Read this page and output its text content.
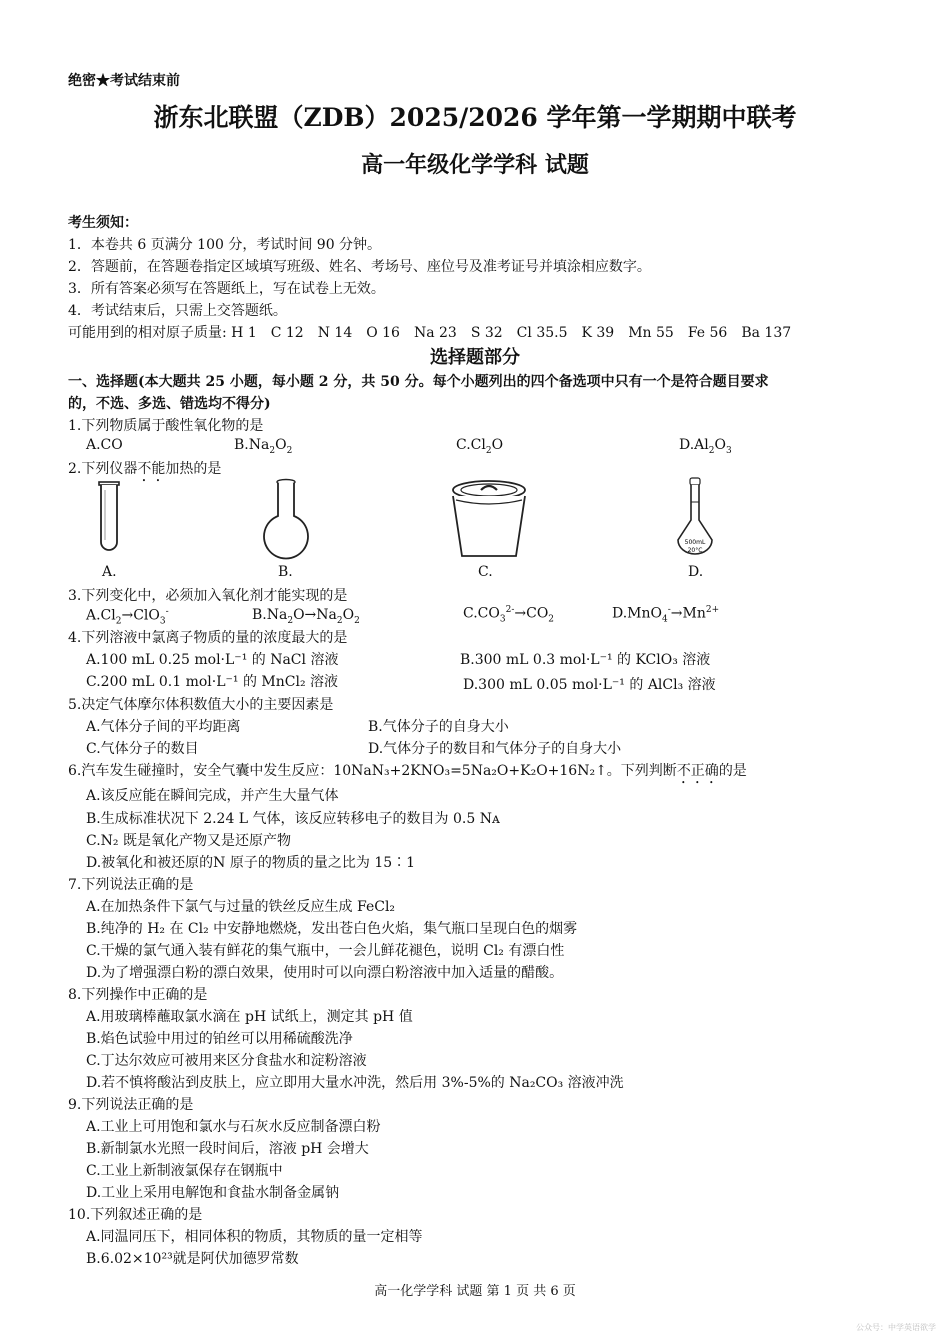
绝密★考试结束前
浙东北联盟（ZDB）2025/2026 学年第一学期期中联考
高一年级化学学科 试题
考生须知：
1．本卷共 6 页满分 100 分，考试时间 90 分钟。
2．答题前，在答题卷指定区域填写班级、姓名、考场号、座位号及准考证号并填涂相应数字。
3．所有答案必须写在答题纸上，写在试卷上无效。
4．考试结束后，只需上交答题纸。
可能用到的相对原子质量: H 1　C 12　N 14　O 16　Na 23　S 32　Cl 35.5　K 39　Mn 55　Fe 56　Ba 137
选择题部分
一、选择题(本大题共 25 小题，每小题 2 分，共 50 分。每个小题列出的四个备选项中只有一个是符合题目要求
的，不选、多选、错选均不得分)
1.下列物质属于酸性氧化物的是
A.CO	$B.Na_2O_2$	$C.Cl_2O$	$D.Al_2O_3$
2.下列仪器不能加热的是
500mL
20°C
A.	B.	C.	D.
3.下列变化中，必须加入氧化剂才能实现的是
$A.Cl_2\to ClO_3^-$	$B.Na_2O\to Na_2O_2$	$C.CO_3^{2-}\to CO_2$	$D.MnO_4^-\to Mn^{2+}$
4.下列溶液中氯离子物质的量的浓度最大的是
A.100 mL 0.25 mol·L⁻¹ 的 NaCl 溶液	B.300 mL 0.3 mol·L⁻¹ 的 KClO₃ 溶液
C.200 mL 0.1 mol·L⁻¹ 的 MnCl₂ 溶液	D.300 mL 0.05 mol·L⁻¹ 的 AlCl₃ 溶液
5.决定气体摩尔体积数值大小的主要因素是
A.气体分子间的平均距离	B.气体分子的自身大小
C.气体分子的数目	D.气体分子的数目和气体分子的自身大小
6.汽车发生碰撞时，安全气囊中发生反应：10NaN₃+2KNO₃=5Na₂O+K₂O+16N₂↑。下列判断不正确的是
A.该反应能在瞬间完成，并产生大量气体
B.生成标准状况下 2.24 L 气体，该反应转移电子的数目为 0.5 Nᴀ
C.N₂ 既是氧化产物又是还原产物
D.被氧化和被还原的N 原子的物质的量之比为 15∶1
7.下列说法正确的是
A.在加热条件下氯气与过量的铁丝反应生成 FeCl₂
B.纯净的 H₂ 在 Cl₂ 中安静地燃烧，发出苍白色火焰，集气瓶口呈现白色的烟雾
C.干燥的氯气通入装有鲜花的集气瓶中，一会儿鲜花褪色，说明 Cl₂ 有漂白性
D.为了增强漂白粉的漂白效果，使用时可以向漂白粉溶液中加入适量的醋酸。
8.下列操作中正确的是
A.用玻璃棒蘸取氯水滴在 pH 试纸上，测定其 pH 值
B.焰色试验中用过的铂丝可以用稀硫酸洗净
C.丁达尔效应可被用来区分食盐水和淀粉溶液
D.若不慎将酸沾到皮肤上，应立即用大量水冲洗，然后用 3%-5%的 Na₂CO₃ 溶液冲洗
9.下列说法正确的是
A.工业上可用饱和氯水与石灰水反应制备漂白粉
B.新制氯水光照一段时间后，溶液 pH 会增大
C.工业上新制液氯保存在钢瓶中
D.工业上采用电解饱和食盐水制备金属钠
10.下列叙述正确的是
A.同温同压下，相同体积的物质，其物质的量一定相等
B.6.02×10²³就是阿伏加德罗常数
高一化学学科 试题 第 1 页 共 6 页
公众号：中学英语欲学
